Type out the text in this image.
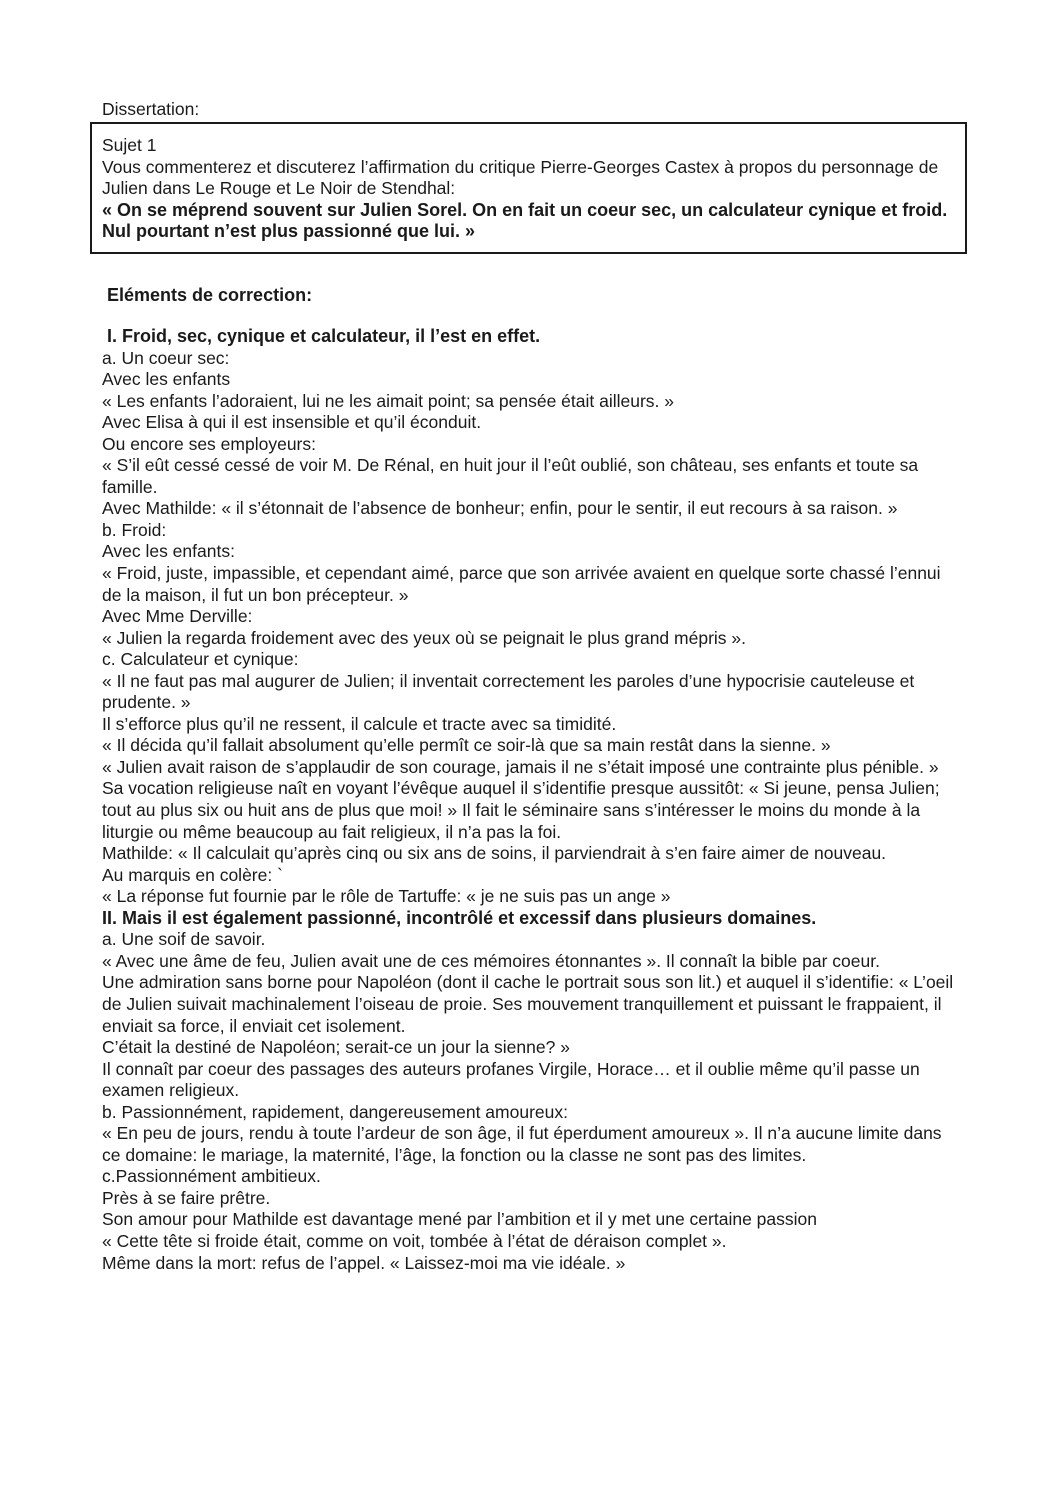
Dissertation:

Sujet 1

Vous commenterez et discuterez l’affirmation du critique Pierre-Georges Castex à propos du personnage de Julien dans Le Rouge et Le Noir de Stendhal:

« On se méprend souvent sur Julien Sorel. On en fait un coeur sec, un calculateur cynique et froid. Nul pourtant n’est plus passionné que lui. »

Eléments de correction:

I. Froid, sec, cynique et calculateur, il l’est en effet.

a. Un coeur sec:

Avec les enfants

« Les enfants l’adoraient, lui ne les aimait point; sa pensée était ailleurs. »

Avec Elisa à qui il est insensible et qu’il éconduit.

Ou encore ses employeurs:

« S’il eût cessé cessé de voir M. De Rénal, en huit jour il l’eût oublié, son château, ses enfants et toute sa famille.

Avec Mathilde: « il s’étonnait de l’absence de bonheur; enfin, pour le sentir, il eut recours à sa raison. »

b. Froid:

Avec les enfants:

« Froid, juste, impassible, et cependant aimé, parce que son arrivée avaient en quelque sorte chassé l’ennui de la maison, il fut un bon précepteur. »

Avec Mme Derville:

« Julien la regarda froidement avec des yeux où se peignait le plus grand mépris ».

c. Calculateur et cynique:

« Il ne faut pas mal augurer de Julien; il inventait correctement les paroles d’une hypocrisie cauteleuse et prudente. »

Il s’efforce plus qu’il ne ressent, il calcule et tracte avec sa timidité.

« Il décida qu’il fallait absolument qu’elle permît ce soir-là que sa main restât dans la sienne. »

« Julien avait raison de s’applaudir de son courage, jamais il ne s’était imposé une contrainte plus pénible. »

Sa vocation religieuse naît en voyant l’évêque auquel il s’identifie presque aussitôt: « Si jeune, pensa Julien; tout au plus six ou huit ans de plus que moi! » Il fait le séminaire sans s’intéresser le moins du monde à la liturgie ou même beaucoup au fait religieux, il n’a pas la foi.

Mathilde: « Il calculait qu’après cinq ou six ans de soins, il parviendrait à s’en faire aimer de nouveau.

Au marquis en colère: `

« La réponse fut fournie par le rôle de Tartuffe: « je ne suis pas un ange »

II. Mais il est également passionné, incontrôlé et excessif dans plusieurs domaines.

a. Une soif de savoir.

« Avec une âme de feu, Julien avait une de ces mémoires étonnantes ». Il connaît la bible par coeur.

Une admiration sans borne pour Napoléon (dont il cache le portrait sous son lit.) et auquel il s’identifie: « L’oeil de Julien suivait machinalement l’oiseau de proie. Ses mouvement tranquillement et puissant le frappaient, il enviait sa force, il enviait cet isolement.

C’était la destiné de Napoléon; serait-ce un jour la sienne? »

Il connaît par coeur des passages des auteurs profanes Virgile, Horace… et il oublie même qu’il passe un examen religieux.

b. Passionnément, rapidement, dangereusement amoureux:

« En peu de jours, rendu à toute l’ardeur de son âge, il fut éperdument amoureux ». Il n’a aucune limite dans ce domaine: le mariage, la maternité, l’âge, la fonction ou la classe ne sont pas des limites.

c.Passionnément ambitieux.

Près à se faire prêtre.

Son amour pour Mathilde est davantage mené par l’ambition et il y met une certaine passion

« Cette tête si froide était, comme on voit, tombée à l’état de déraison complet ».

Même dans la mort: refus de l’appel. « Laissez-moi ma vie idéale. »
